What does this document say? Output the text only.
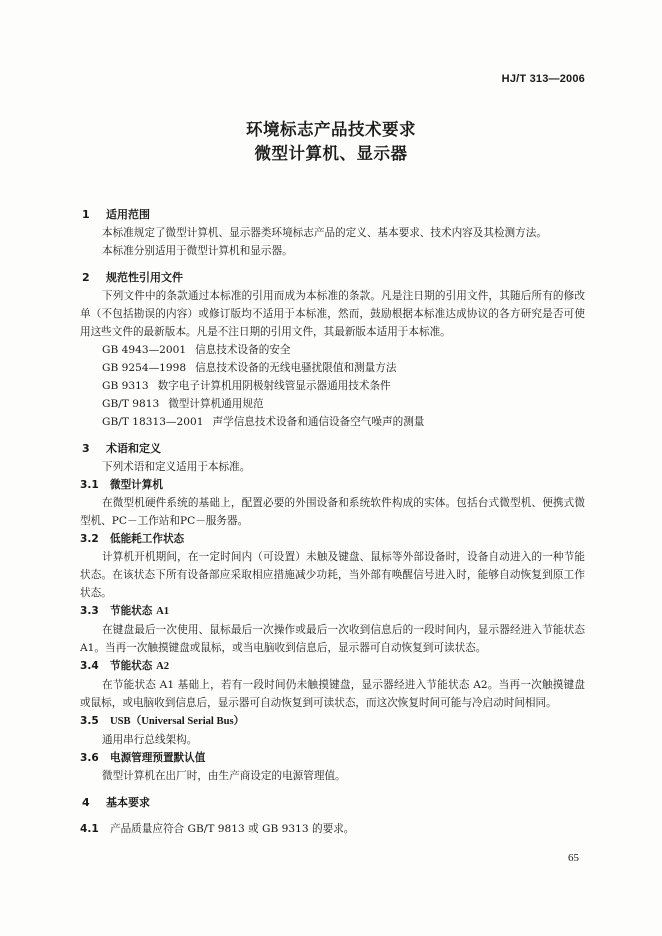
HJ/T 313—2006
环境标志产品技术要求
微型计算机、显示器
1 适用范围
本标准规定了微型计算机、显示器类环境标志产品的定义、基本要求、技术内容及其检测方法。
本标准分别适用于微型计算机和显示器。
2 规范性引用文件
下列文件中的条款通过本标准的引用而成为本标准的条款。凡是注日期的引用文件，其随后所有的修改单（不包括勘误的内容）或修订版均不适用于本标准，然而，鼓励根据本标准达成协议的各方研究是否可使用这些文件的最新版本。凡是不注日期的引用文件，其最新版本适用于本标准。
GB 4943—2001 信息技术设备的安全
GB 9254—1998 信息技术设备的无线电骚扰限值和测量方法
GB 9313 数字电子计算机用阴极射线管显示器通用技术条件
GB/T 9813 微型计算机通用规范
GB/T 18313—2001 声学信息技术设备和通信设备空气噪声的测量
3 术语和定义
下列术语和定义适用于本标准。
3.1 微型计算机
在微型机硬件系统的基础上，配置必要的外围设备和系统软件构成的实体。包括台式微型机、便携式微型机、PC－工作站和PC－服务器。
3.2 低能耗工作状态
计算机开机期间，在一定时间内（可设置）未触及键盘、鼠标等外部设备时，设备自动进入的一种节能状态。在该状态下所有设备部应采取相应措施减少功耗，当外部有唤醒信号进入时，能够自动恢复到原工作状态。
3.3 节能状态 A1
在键盘最后一次使用、鼠标最后一次操作或最后一次收到信息后的一段时间内，显示器经进入节能状态 A1。当再一次触摸键盘或鼠标，或当电脑收到信息后，显示器可自动恢复到可读状态。
3.4 节能状态 A2
在节能状态 A1 基础上，若有一段时间仍未触摸键盘，显示器经进入节能状态 A2。当再一次触摸键盘或鼠标，或电脑收到信息后，显示器可自动恢复到可读状态，而这次恢复时间可能与冷启动时间相同。
3.5 USB（Universal Serial Bus）
通用串行总线架构。
3.6 电源管理预置默认值
微型计算机在出厂时，由生产商设定的电源管理值。
4 基本要求
4.1 产品质量应符合 GB/T 9813 或 GB 9313 的要求。
65
